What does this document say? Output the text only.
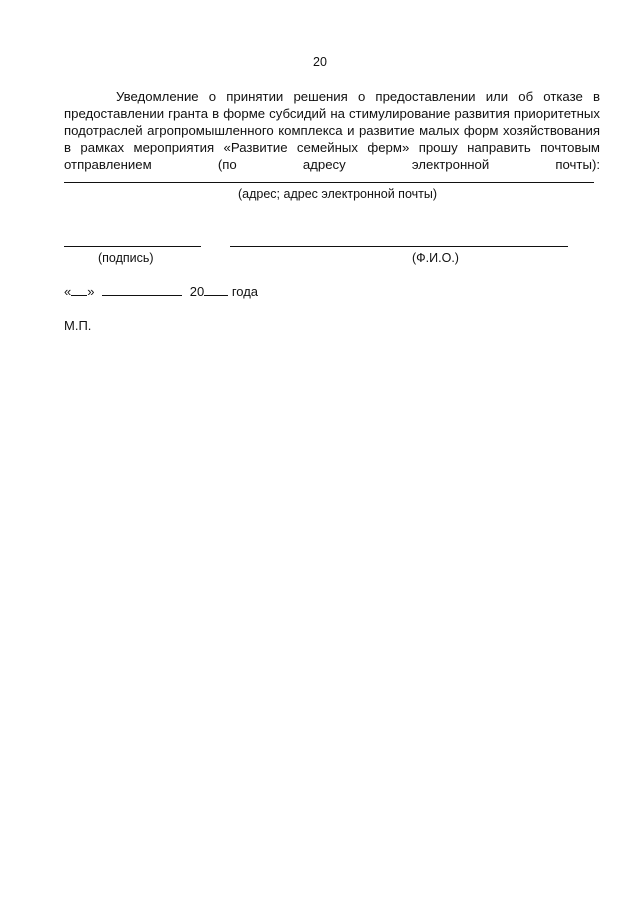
20

Уведомление о принятии решения о предоставлении или об отказе в предоставлении гранта в форме субсидий на стимулирование развития приоритетных подотраслей агропромышленного комплекса и развитие малых форм хозяйствования в рамках мероприятия «Развитие семейных ферм» прошу направить почтовым отправлением (по адресу электронной почты):

(адрес; адрес электронной почты)
(подпись)	(Ф.И.О.)
« »	20 года
М.П.
